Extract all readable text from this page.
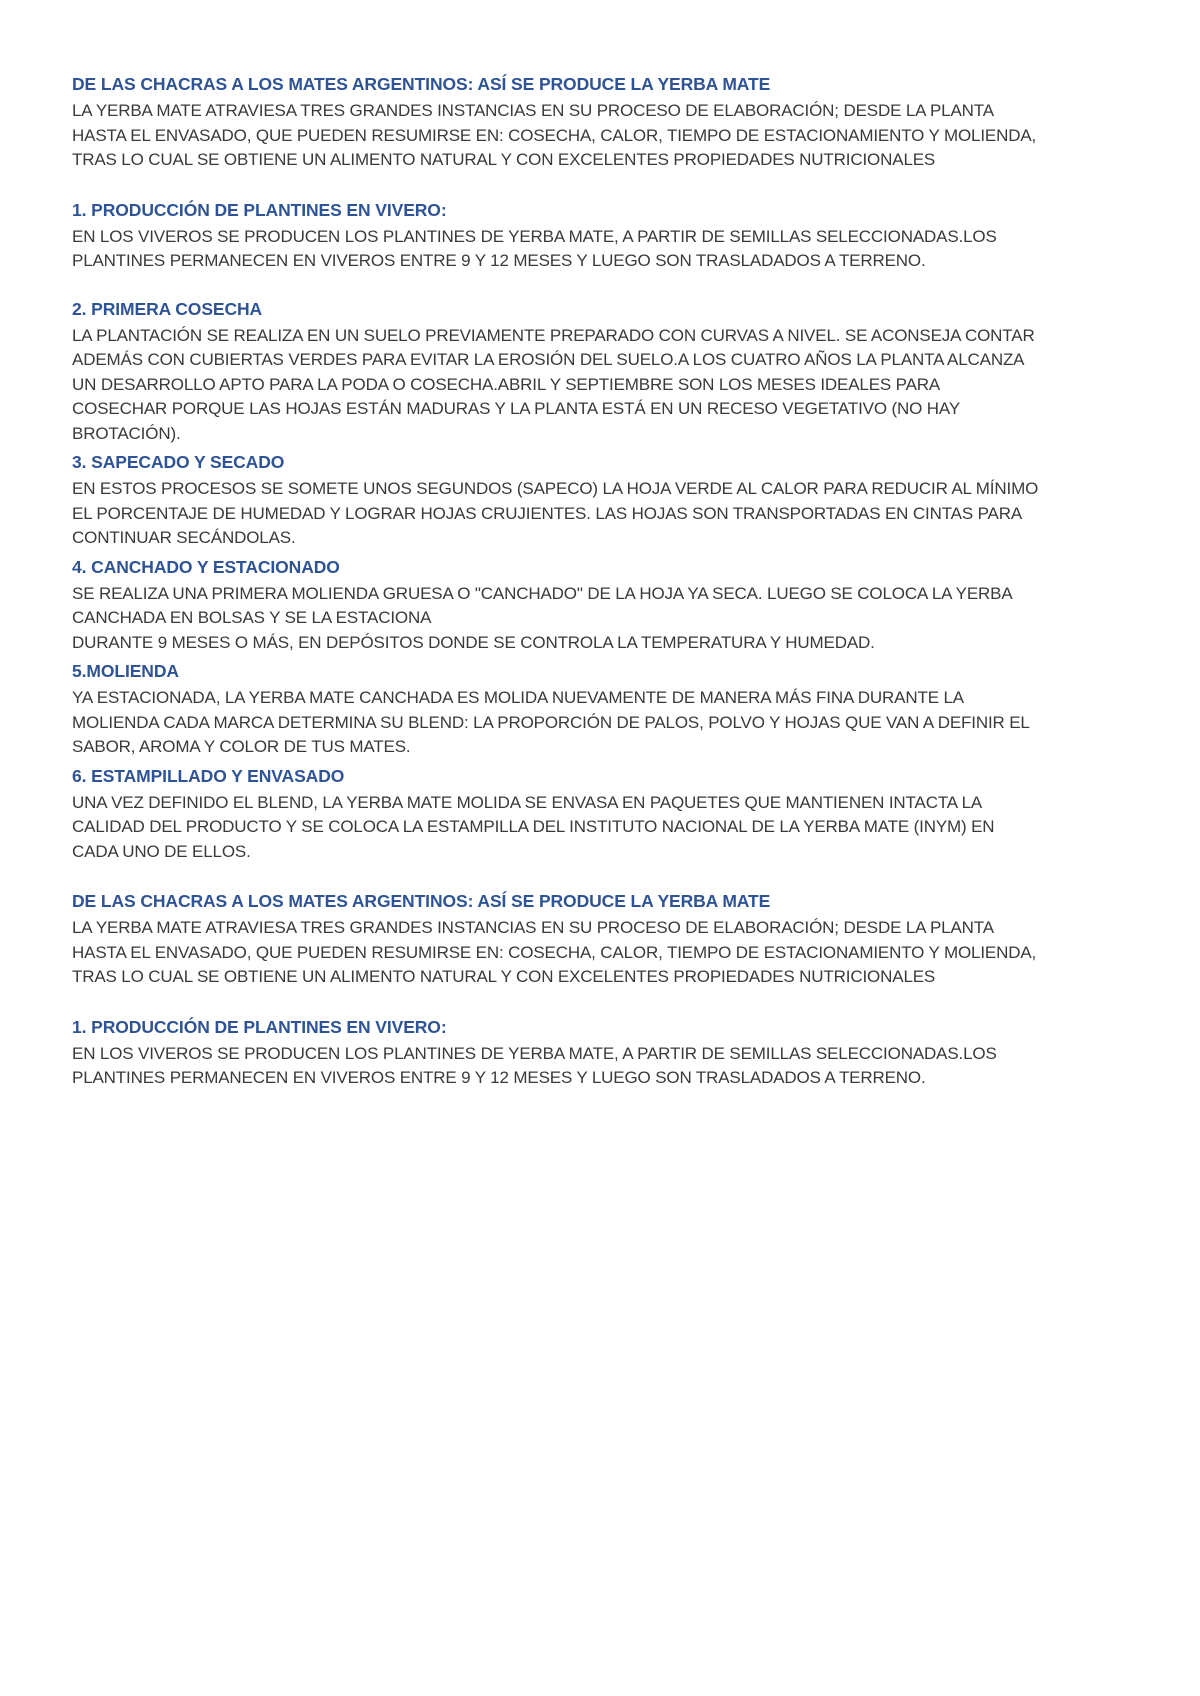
DE LAS CHACRAS A LOS MATES ARGENTINOS: ASÍ SE PRODUCE LA YERBA MATE

LA YERBA MATE ATRAVIESA TRES GRANDES INSTANCIAS EN SU PROCESO DE ELABORACIÓN; DESDE LA PLANTA
HASTA EL ENVASADO, QUE PUEDEN RESUMIRSE EN: COSECHA, CALOR, TIEMPO DE ESTACIONAMIENTO Y MOLIENDA,
TRAS LO CUAL SE OBTIENE UN ALIMENTO NATURAL Y CON EXCELENTES PROPIEDADES NUTRICIONALES

1. PRODUCCIÓN DE PLANTINES EN VIVERO:

EN LOS VIVEROS SE PRODUCEN LOS PLANTINES DE YERBA MATE, A PARTIR DE SEMILLAS SELECCIONADAS.LOS
PLANTINES PERMANECEN EN VIVEROS ENTRE 9 Y 12 MESES Y LUEGO SON TRASLADADOS A TERRENO.

2. PRIMERA COSECHA

LA PLANTACIÓN SE REALIZA EN UN SUELO PREVIAMENTE PREPARADO CON CURVAS A NIVEL. SE ACONSEJA CONTAR
ADEMÁS CON CUBIERTAS VERDES PARA EVITAR LA EROSIÓN DEL SUELO.A LOS CUATRO AÑOS LA PLANTA ALCANZA
UN DESARROLLO APTO PARA LA PODA O COSECHA.ABRIL Y SEPTIEMBRE SON LOS MESES IDEALES PARA
COSECHAR PORQUE LAS HOJAS ESTÁN MADURAS Y LA PLANTA ESTÁ EN UN RECESO VEGETATIVO (NO HAY
BROTACIÓN).

3. SAPECADO Y SECADO

EN ESTOS PROCESOS SE SOMETE UNOS SEGUNDOS (SAPECO) LA HOJA VERDE AL CALOR PARA REDUCIR AL MÍNIMO
EL PORCENTAJE DE HUMEDAD Y LOGRAR HOJAS CRUJIENTES. LAS HOJAS SON TRANSPORTADAS EN CINTAS PARA
CONTINUAR SECÁNDOLAS.

4. CANCHADO Y ESTACIONADO

SE REALIZA UNA PRIMERA MOLIENDA GRUESA O "CANCHADO" DE LA HOJA YA SECA. LUEGO SE COLOCA LA YERBA
CANCHADA EN BOLSAS Y SE LA ESTACIONA
DURANTE 9 MESES O MÁS, EN DEPÓSITOS DONDE SE CONTROLA LA TEMPERATURA Y HUMEDAD.

5.MOLIENDA

YA ESTACIONADA, LA YERBA MATE CANCHADA ES MOLIDA NUEVAMENTE DE MANERA MÁS FINA DURANTE LA
MOLIENDA CADA MARCA DETERMINA SU BLEND: LA PROPORCIÓN DE PALOS, POLVO Y HOJAS QUE VAN A DEFINIR EL
SABOR, AROMA Y COLOR DE TUS MATES.

6. ESTAMPILLADO Y ENVASADO

UNA VEZ DEFINIDO EL BLEND, LA YERBA MATE MOLIDA SE ENVASA EN PAQUETES QUE MANTIENEN INTACTA LA
CALIDAD DEL PRODUCTO Y SE COLOCA LA ESTAMPILLA DEL INSTITUTO NACIONAL DE LA YERBA MATE (INYM) EN
CADA UNO DE ELLOS.

DE LAS CHACRAS A LOS MATES ARGENTINOS: ASÍ SE PRODUCE LA YERBA MATE

LA YERBA MATE ATRAVIESA TRES GRANDES INSTANCIAS EN SU PROCESO DE ELABORACIÓN; DESDE LA PLANTA
HASTA EL ENVASADO, QUE PUEDEN RESUMIRSE EN: COSECHA, CALOR, TIEMPO DE ESTACIONAMIENTO Y MOLIENDA,
TRAS LO CUAL SE OBTIENE UN ALIMENTO NATURAL Y CON EXCELENTES PROPIEDADES NUTRICIONALES

1. PRODUCCIÓN DE PLANTINES EN VIVERO:

EN LOS VIVEROS SE PRODUCEN LOS PLANTINES DE YERBA MATE, A PARTIR DE SEMILLAS SELECCIONADAS.LOS
PLANTINES PERMANECEN EN VIVEROS ENTRE 9 Y 12 MESES Y LUEGO SON TRASLADADOS A TERRENO.
